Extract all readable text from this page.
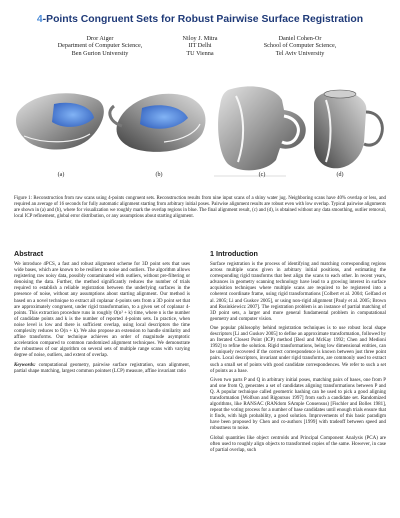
4-Points Congruent Sets for Robust Pairwise Surface Registration
Dror Aiger
Department of Computer Science,
Ben Gurion University
Niloy J. Mitra
IIT Delhi
TU Vienna
Daniel Cohen-Or
School of Computer Science,
Tel Aviv University
(a)	(b)	(c)	(d)
Figure 1: Reconstruction from raw scans using 4-points congruent sets. Reconstruction results from nine input scans of a shiny water jug. Neighboring scans have 40% overlap or less, and required an average of 16 seconds for fully automatic alignment starting from arbitrary initial poses. Pairwise alignment results are robust even with low overlap. Typical pairwise alignments are shown in (a) and (b), where for visualization we roughly mark the overlap regions in blue. The final alignment result, (c) and (d), is obtained without any data smoothing, outlier removal, local ICP refinement, global error distribution, or any assumptions about starting alignment.
Abstract

We introduce 4PCS, a fast and robust alignment scheme for 3D point sets that uses wide bases, which are known to be resilient to noise and outliers. The algorithm allows registering raw noisy data, possibly contaminated with outliers, without pre-filtering or denoising the data. Further, the method significantly reduces the number of trials required to establish a reliable registration between the underlying surfaces in the presence of noise, without any assumptions about starting alignment. Our method is based on a novel technique to extract all coplanar 4-points sets from a 3D point set that are approximately congruent, under rigid transformation, to a given set of coplanar 4-points. This extraction procedure runs in roughly O(n² + k) time, where n is the number of candidate points and k is the number of reported 4-points sets. In practice, when noise level is low and there is sufficient overlap, using local descriptors the time complexity reduces to O(n + k). We also propose an extension to handle similarity and affine transforms. Our technique achieves an order of magnitude asymptotic acceleration compared to common randomized alignment techniques. We demonstrate the robustness of our algorithm on several sets of multiple range scans with varying degree of noise, outliers, and extent of overlap.

Keywords: computational geometry, pairwise surface registration, scan alignment, partial shape matching, largest common pointset (LCP) measure, affine invariant ratio

1 Introduction

Surface registration is the process of identifying and matching corresponding regions across multiple scans given in arbitrary initial positions, and estimating the corresponding rigid transforms that best align the scans to each other. In recent years, advances in geometry scanning technology have lead to a growing interest in surface acquisition techniques where multiple scans are required to be registered into a coherent coordinate frame, using rigid transformations [Colbert et al. 2004; Gelfand et al. 2005; Li and Guskov 2005], or using non-rigid alignment [Pauly et al. 2005; Brown and Rusinkiewicz 2007]. The registration problem is an instance of partial matching of 3D point sets, a larger and more general fundamental problem in computational geometry and computer vision.

One popular philosophy behind registration techniques is to use robust local shape descriptors [Li and Guskov 2005] to define an approximate transformation, followed by an Iterated Closest Point (ICP) method [Besl and McKay 1992; Chen and Medioni 1992] to refine the solution. Rigid transformations, being low dimensional entities, can be uniquely recovered if the correct correspondence is known between just three point pairs. Local descriptors, invariant under rigid transforms, are commonly used to extract such a small set of points with good candidate correspondences. We refer to such a set of points as a base.

Given two parts P and Q in arbitrary initial poses, matching pairs of bases, one from P and one from Q, generates a set of candidates aligning transformations between P and Q. A popular technique called geometric hashing can be used to pick a good aligning transformation [Wolfson and Rigoutsos 1997] from such a candidate set. Randomized algorithms, like RANSAC (RANdom SAmple Consensus) [Fischler and Bolles 1981], repeat the voting process for a number of base candidates until enough trials ensure that it finds, with high probability, a good solution. Improvements of this basic paradigm have been proposed by Chen and co-authors [1999] with tradeoff between speed and robustness to noise.

Global quantities like object centroids and Principal Component Analysis (PCA) are often used to roughly align objects to transformed copies of the same. However, in case of partial overlap, such
